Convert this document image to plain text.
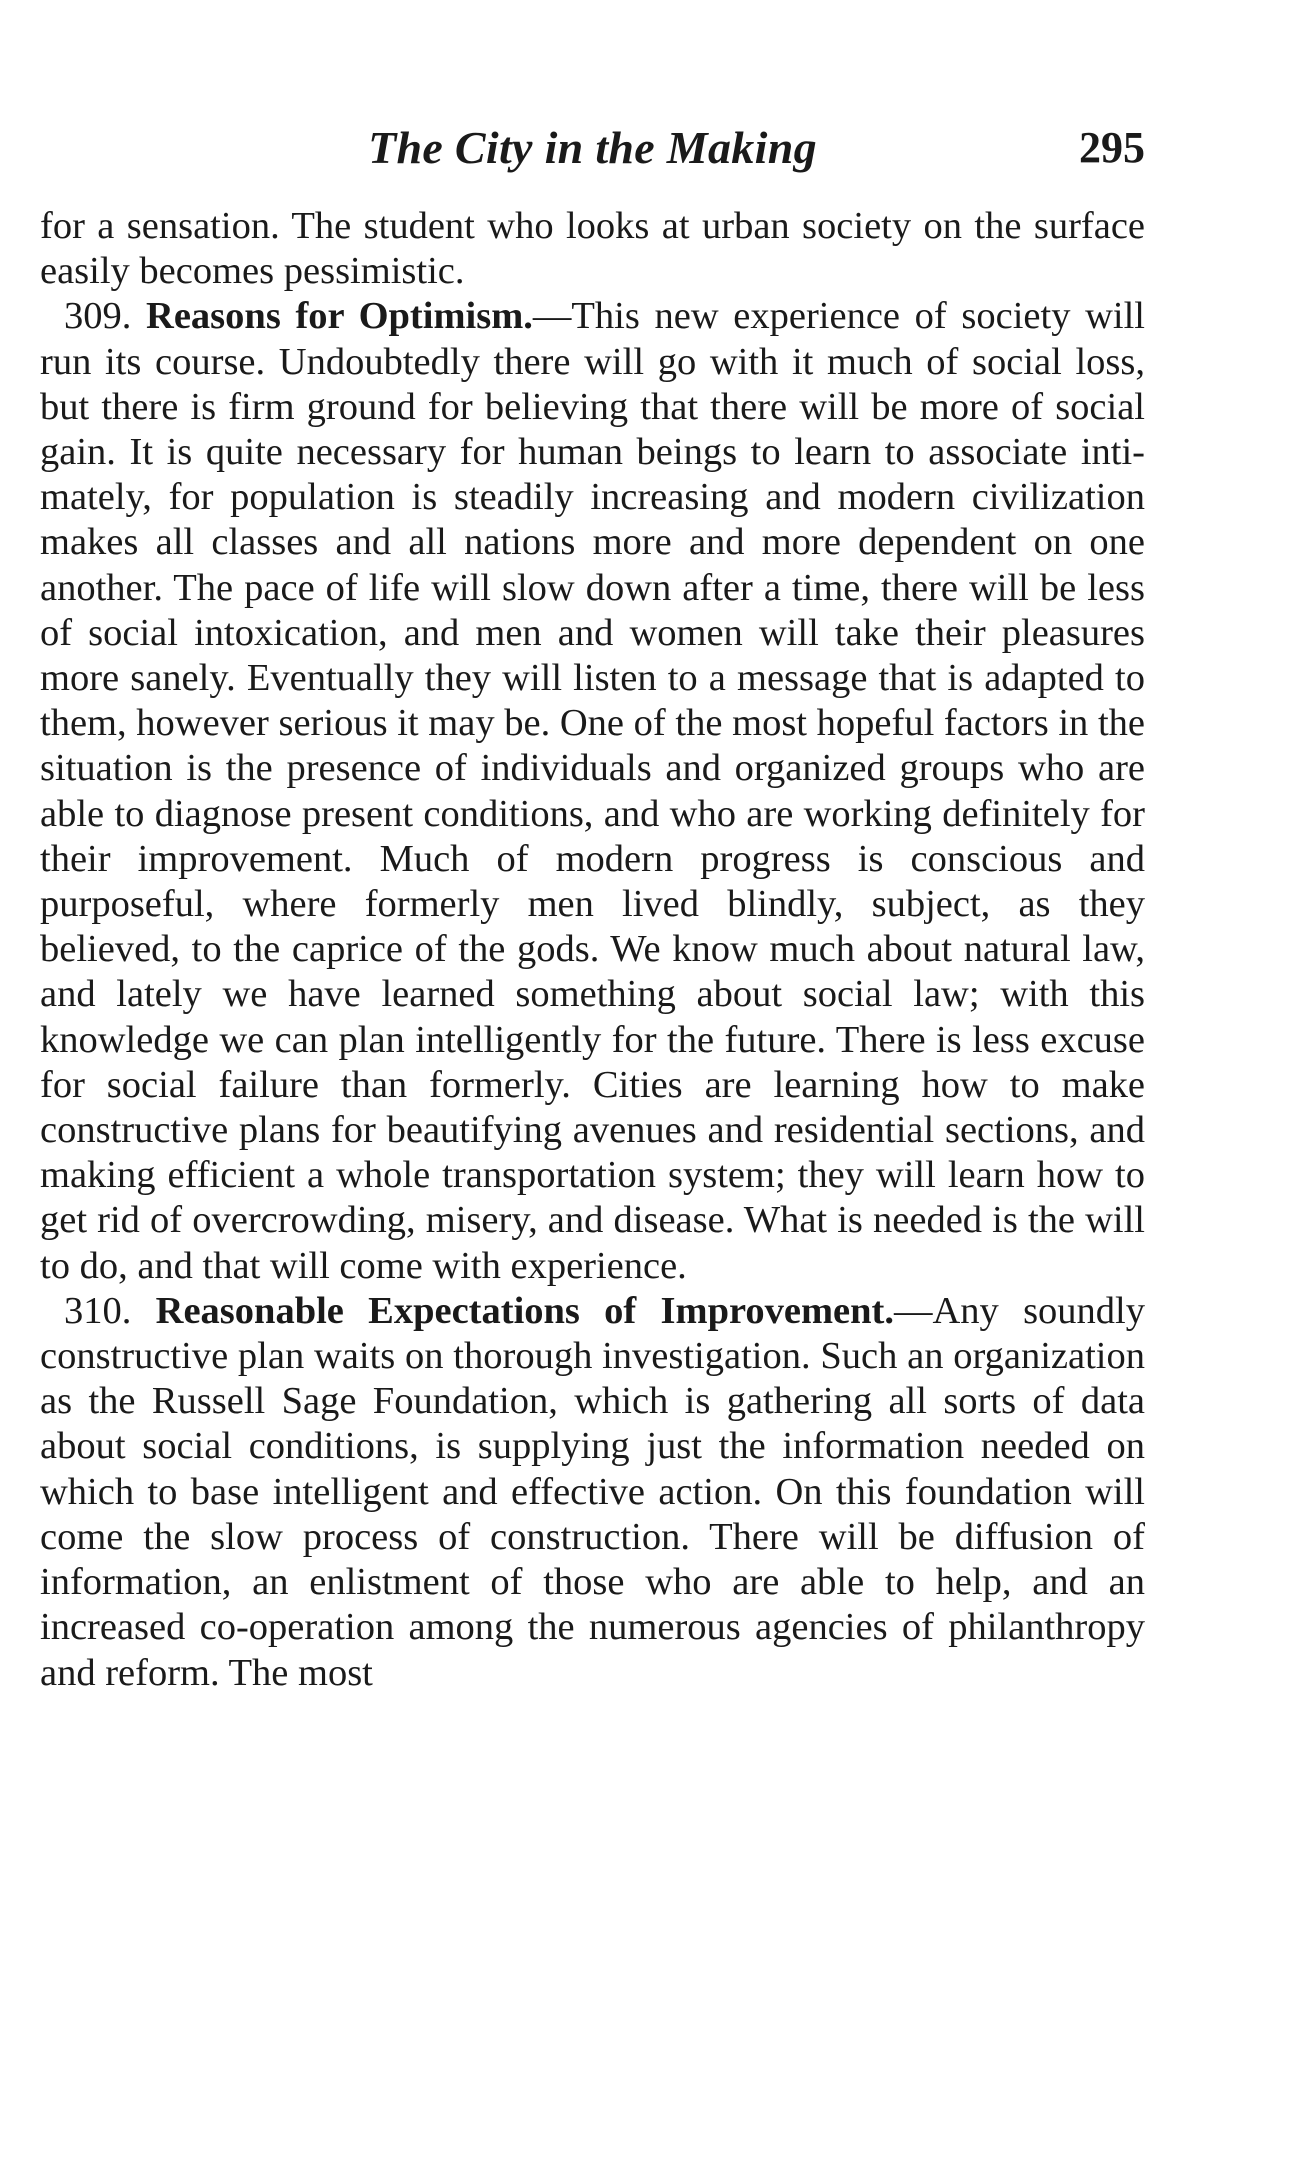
The City in the Making	295

for a sensation. The student who looks at urban society on the surface easily becomes pessimistic.

309. Reasons for Optimism.—This new experience of society will run its course. Undoubtedly there will go with it much of social loss, but there is firm ground for believing that there will be more of social gain. It is quite necessary for human beings to learn to associate intimately, for population is steadily increasing and modern civilization makes all classes and all nations more and more dependent on one another. The pace of life will slow down after a time, there will be less of social intoxication, and men and women will take their pleasures more sanely. Eventually they will listen to a message that is adapted to them, however serious it may be. One of the most hopeful factors in the situation is the presence of individuals and organized groups who are able to diagnose present conditions, and who are working definitely for their improvement. Much of modern progress is conscious and purposeful, where formerly men lived blindly, subject, as they believed, to the caprice of the gods. We know much about natural law, and lately we have learned something about social law; with this knowledge we can plan intelligently for the future. There is less excuse for social failure than formerly. Cities are learning how to make constructive plans for beautifying avenues and residential sections, and making efficient a whole transportation system; they will learn how to get rid of overcrowding, misery, and disease. What is needed is the will to do, and that will come with experience.

310. Reasonable Expectations of Improvement.—Any soundly constructive plan waits on thorough investigation. Such an organization as the Russell Sage Foundation, which is gathering all sorts of data about social conditions, is supplying just the information needed on which to base intelligent and effective action. On this foundation will come the slow process of construction. There will be diffusion of information, an enlistment of those who are able to help, and an increased co-operation among the numerous agencies of philanthropy and reform. The most
